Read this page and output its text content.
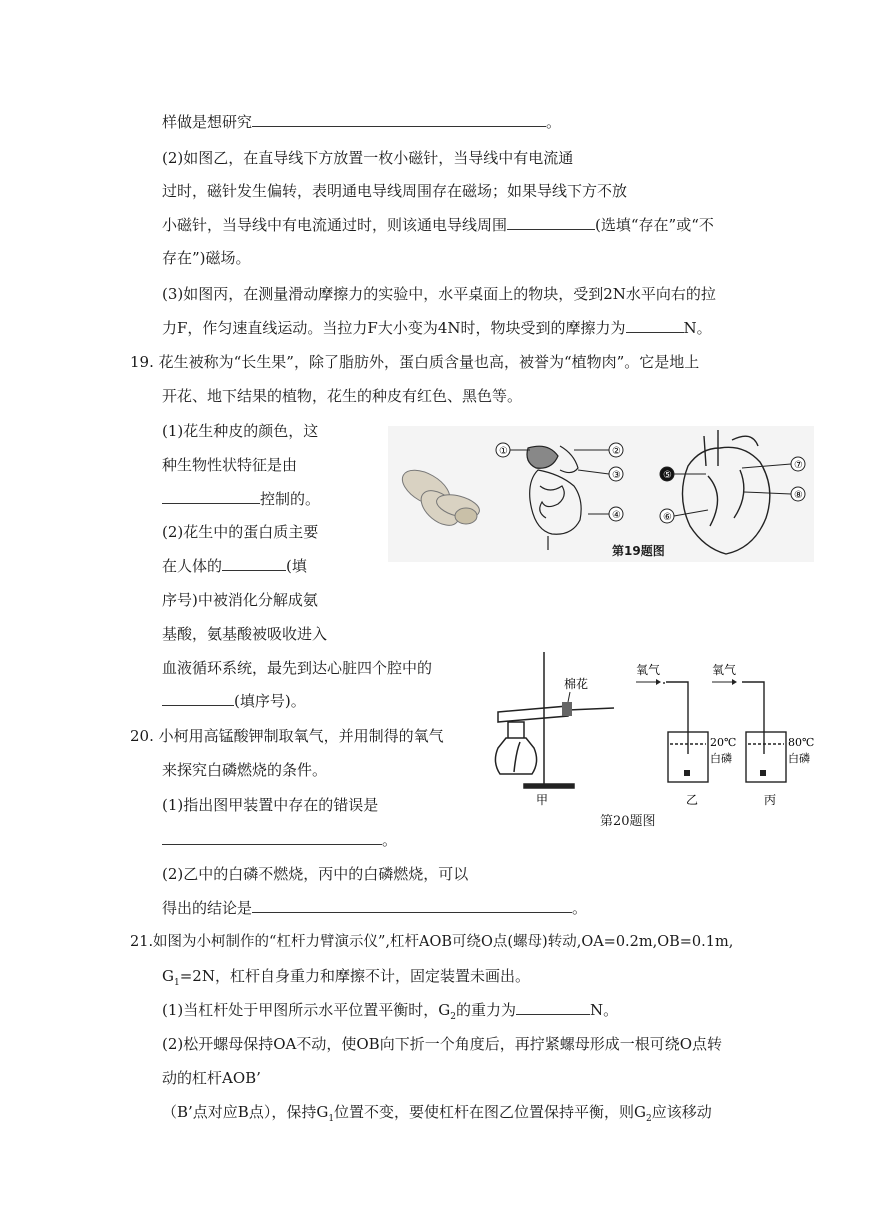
样做是想研究	。
(2)如图乙，在直导线下方放置一枚小磁针，当导线中有电流通
过时，磁针发生偏转，表明通电导线周围存在磁场；如果导线下方不放
小磁针，当导线中有电流通过时，则该通电导线周围	(选填“存在”或“不
存在”)磁场。
(3)如图丙，在测量滑动摩擦力的实验中，水平桌面上的物块，受到2N水平向右的拉
力F，作匀速直线运动。当拉力F大小变为4N时，物块受到的摩擦力为	N。
19. 花生被称为“长生果”，除了脂肪外，蛋白质含量也高，被誉为“植物肉”。它是地上
开花、地下结果的植物，花生的种皮有红色、黑色等。
(1)花生种皮的颜色，这
种生物性状特征是由
控制的。
(2)花生中的蛋白质主要
在人体的	(填
序号)中被消化分解成氨
基酸，氨基酸被吸收进入
血液循环系统，最先到达心脏四个腔中的
(填序号)。
20. 小柯用高锰酸钾制取氧气，并用制得的氧气
来探究白磷燃烧的条件。
(1)指出图甲装置中存在的错误是
。
(2)乙中的白磷不燃烧，丙中的白磷燃烧，可以
得出的结论是	。
21.如图为小柯制作的“杠杆力臂演示仪”,杠杆AOB可绕O点(螺母)转动,OA=0.2m,OB=0.1m,
$G_1=2N$，杠杆自身重力和摩擦不计，固定装置未画出。
(1)当杠杆处于甲图所示水平位置平衡时，$G_2$的重力为	N。
(2)松开螺母保持OA不动，使OB向下折一个角度后，再拧紧螺母形成一根可绕O点转
动的杠杆AOB’
（B’点对应B点），保持$G_1$位置不变，要使杠杆在图乙位置保持平衡，则$G_2$应该移动
①	②
③
④
⑤
⑥
⑦
⑧
第19题图
棉花
甲
氧气
20℃
白磷
乙
氧气
80℃
白磷
丙
第20题图
